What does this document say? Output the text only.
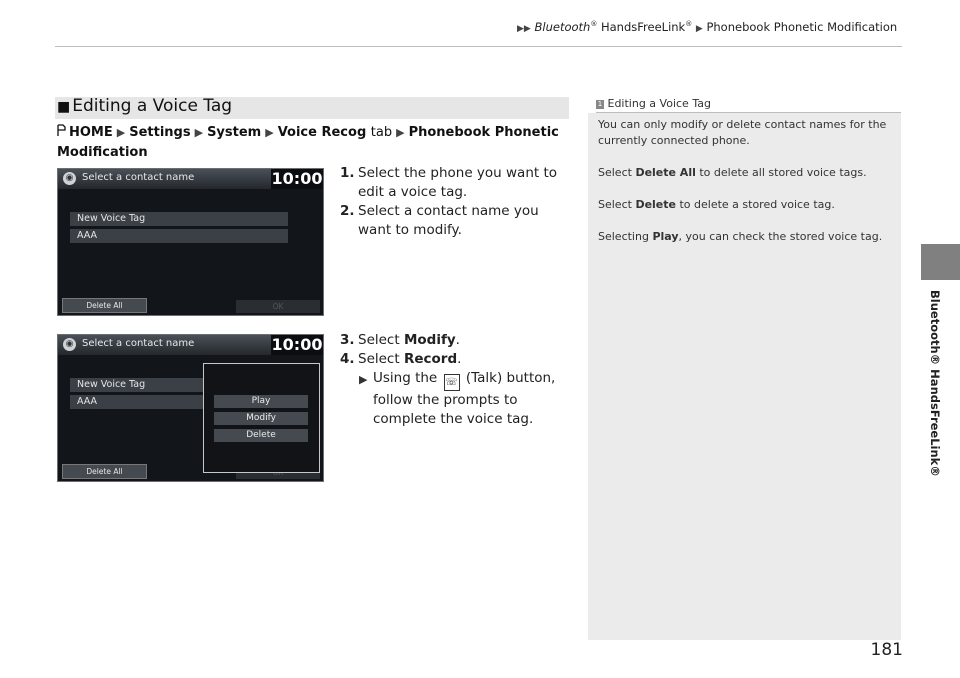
▶▶ Bluetooth® HandsFreeLink® ▶ Phonebook Phonetic Modification
Bluetooth® HandsFreeLink®
■ Editing a Voice Tag
HOME ▶ Settings ▶ System ▶ Voice Recog tab ▶ Phonebook Phonetic Modification
◉ Select a contact name	10:00
New Voice Tag
AAA
Delete All	OK
◉ Select a contact name	10:00
New Voice Tag
AAA
Delete All
Play
Modify
Delete
1. Select the phone you want to edit a voice tag.
2. Select a contact name you want to modify.
3. Select Modify.
4. Select Record.
▶ Using the ☏ (Talk) button, follow the prompts to complete the voice tag.
1 Editing a Voice Tag

You can only modify or delete contact names for the currently connected phone.

Select Delete All to delete all stored voice tags.

Select Delete to delete a stored voice tag.

Selecting Play, you can check the stored voice tag.

181
